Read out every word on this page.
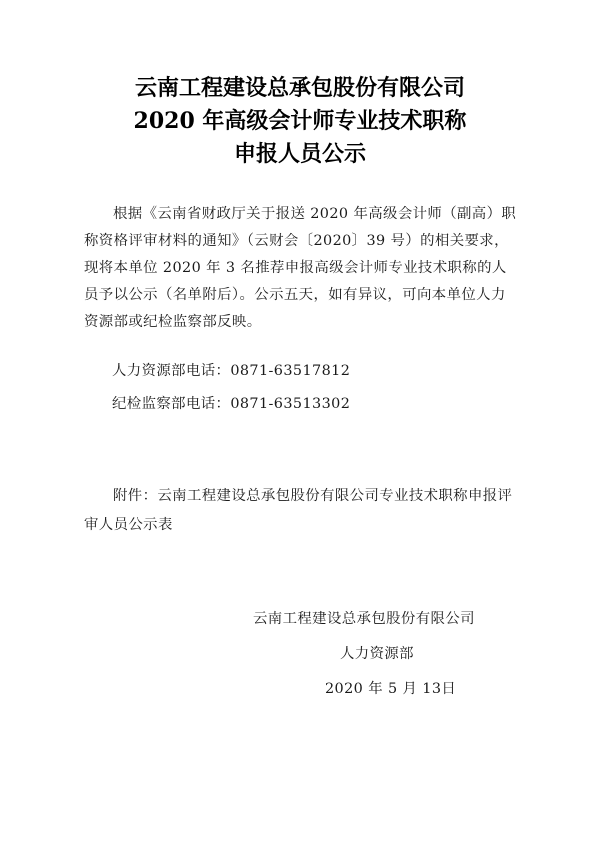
云南工程建设总承包股份有限公司
2020 年高级会计师专业技术职称
申报人员公示

根据《云南省财政厅关于报送 2020 年高级会计师（副高）职称资格评审材料的通知》（云财会〔2020〕39 号）的相关要求，现将本单位 2020 年 3 名推荐申报高级会计师专业技术职称的人员予以公示（名单附后）。公示五天，如有异议，可向本单位人力资源部或纪检监察部反映。

人力资源部电话：0871-63517812
纪检监察部电话：0871-63513302

附件：云南工程建设总承包股份有限公司专业技术职称申报评审人员公示表

云南工程建设总承包股份有限公司
人力资源部
2020 年 5 月 13日
